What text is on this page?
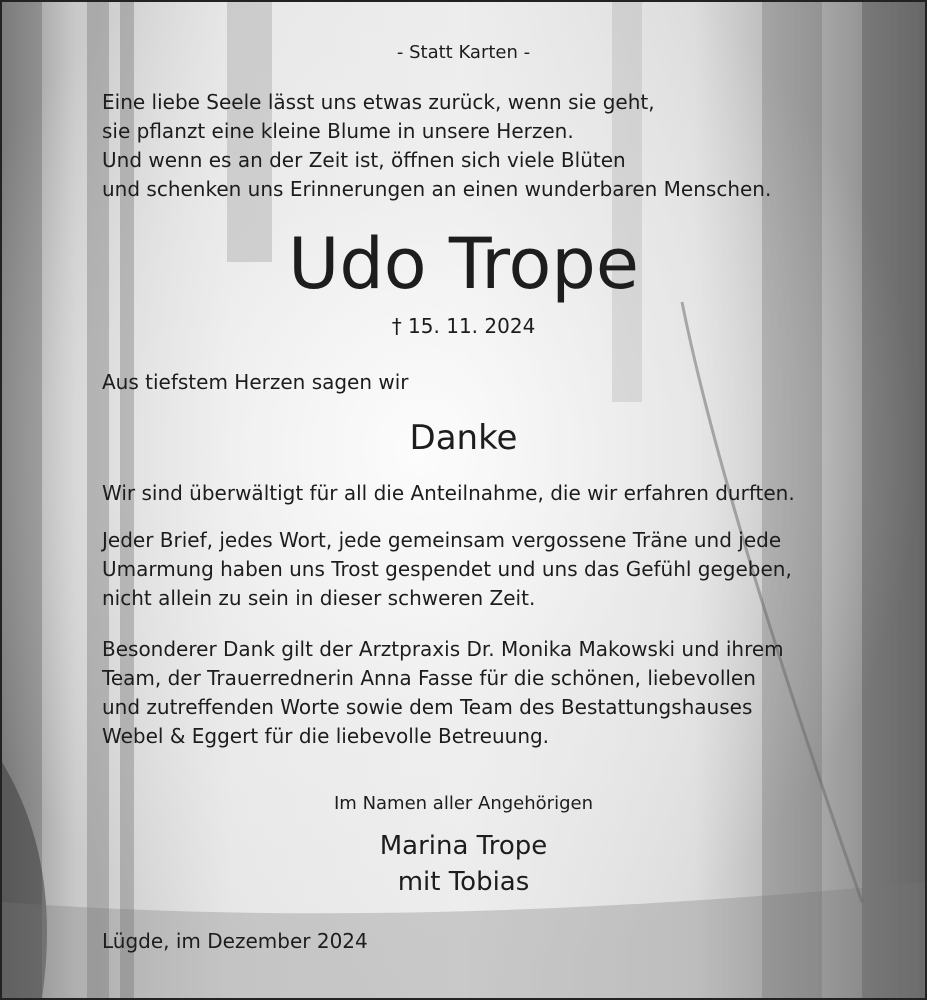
- Statt Karten -
Eine liebe Seele lässt uns etwas zurück, wenn sie geht,
sie pflanzt eine kleine Blume in unsere Herzen.
Und wenn es an der Zeit ist, öffnen sich viele Blüten
und schenken uns Erinnerungen an einen wunderbaren Menschen.
Udo Trope
† 15. 11. 2024
Aus tiefstem Herzen sagen wir
Danke
Wir sind überwältigt für all die Anteilnahme, die wir erfahren durften.
Jeder Brief, jedes Wort, jede gemeinsam vergossene Träne und jede
Umarmung haben uns Trost gespendet und uns das Gefühl gegeben,
nicht allein zu sein in dieser schweren Zeit.
Besonderer Dank gilt der Arztpraxis Dr. Monika Makowski und ihrem
Team, der Trauerrednerin Anna Fasse für die schönen, liebevollen
und zutreffenden Worte sowie dem Team des Bestattungshauses
Webel & Eggert für die liebevolle Betreuung.
Im Namen aller Angehörigen
Marina Trope
mit Tobias
Lügde, im Dezember 2024
